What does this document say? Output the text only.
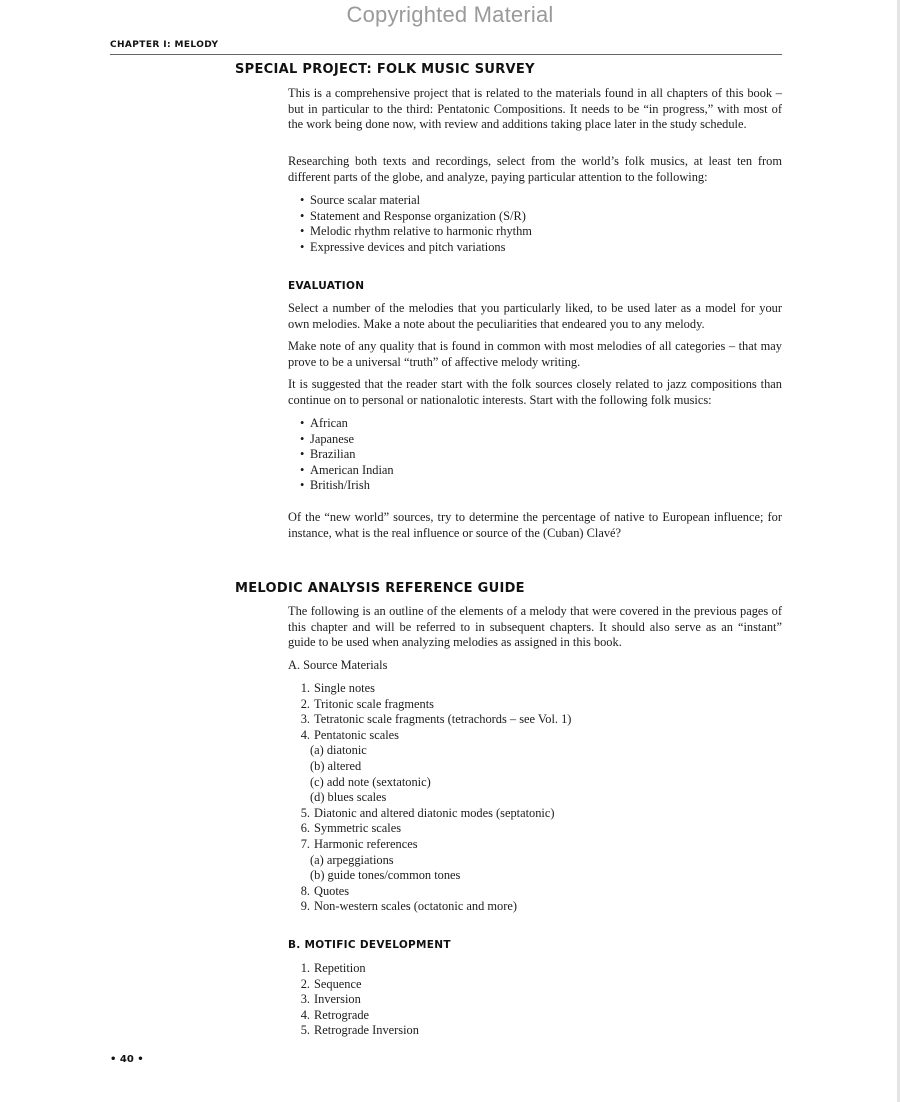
Copyrighted Material
CHAPTER I: MELODY
SPECIAL PROJECT: FOLK MUSIC SURVEY

This is a comprehensive project that is related to the materials found in all chapters of this book – but in particular to the third: Pentatonic Compositions. It needs to be “in progress,” with most of the work being done now, with review and additions taking place later in the study schedule.

Researching both texts and recordings, select from the world’s folk musics, at least ten from different parts of the globe, and analyze, paying particular attention to the following:

• Source scalar material
• Statement and Response organization (S/R)
• Melodic rhythm relative to harmonic rhythm
• Expressive devices and pitch variations
EVALUATION

Select a number of the melodies that you particularly liked, to be used later as a model for your own melodies. Make a note about the peculiarities that endeared you to any melody.

Make note of any quality that is found in common with most melodies of all categories – that may prove to be a universal “truth” of affective melody writing.

It is suggested that the reader start with the folk sources closely related to jazz compositions than continue on to personal or nationalotic interests. Start with the following folk musics:

• African
• Japanese
• Brazilian
• American Indian
• British/Irish

Of the “new world” sources, try to determine the percentage of native to European influence; for instance, what is the real influence or source of the (Cuban) Clavé?

MELODIC ANALYSIS REFERENCE GUIDE

The following is an outline of the elements of a melody that were covered in the previous pages of this chapter and will be referred to in subsequent chapters. It should also serve as an “instant” guide to be used when analyzing melodies as assigned in this book.

A. Source Materials
1. Single notes
2. Tritonic scale fragments
3. Tetratonic scale fragments (tetrachords – see Vol. 1)
4. Pentatonic scales
(a) diatonic
(b) altered
(c) add note (sextatonic)
(d) blues scales
5. Diatonic and altered diatonic modes (septatonic)
6. Symmetric scales
7. Harmonic references
(a) arpeggiations
(b) guide tones/common tones
8. Quotes
9. Non-western scales (octatonic and more)
B. MOTIFIC DEVELOPMENT
1. Repetition
2. Sequence
3. Inversion
4. Retrograde
5. Retrograde Inversion
• 40 •
